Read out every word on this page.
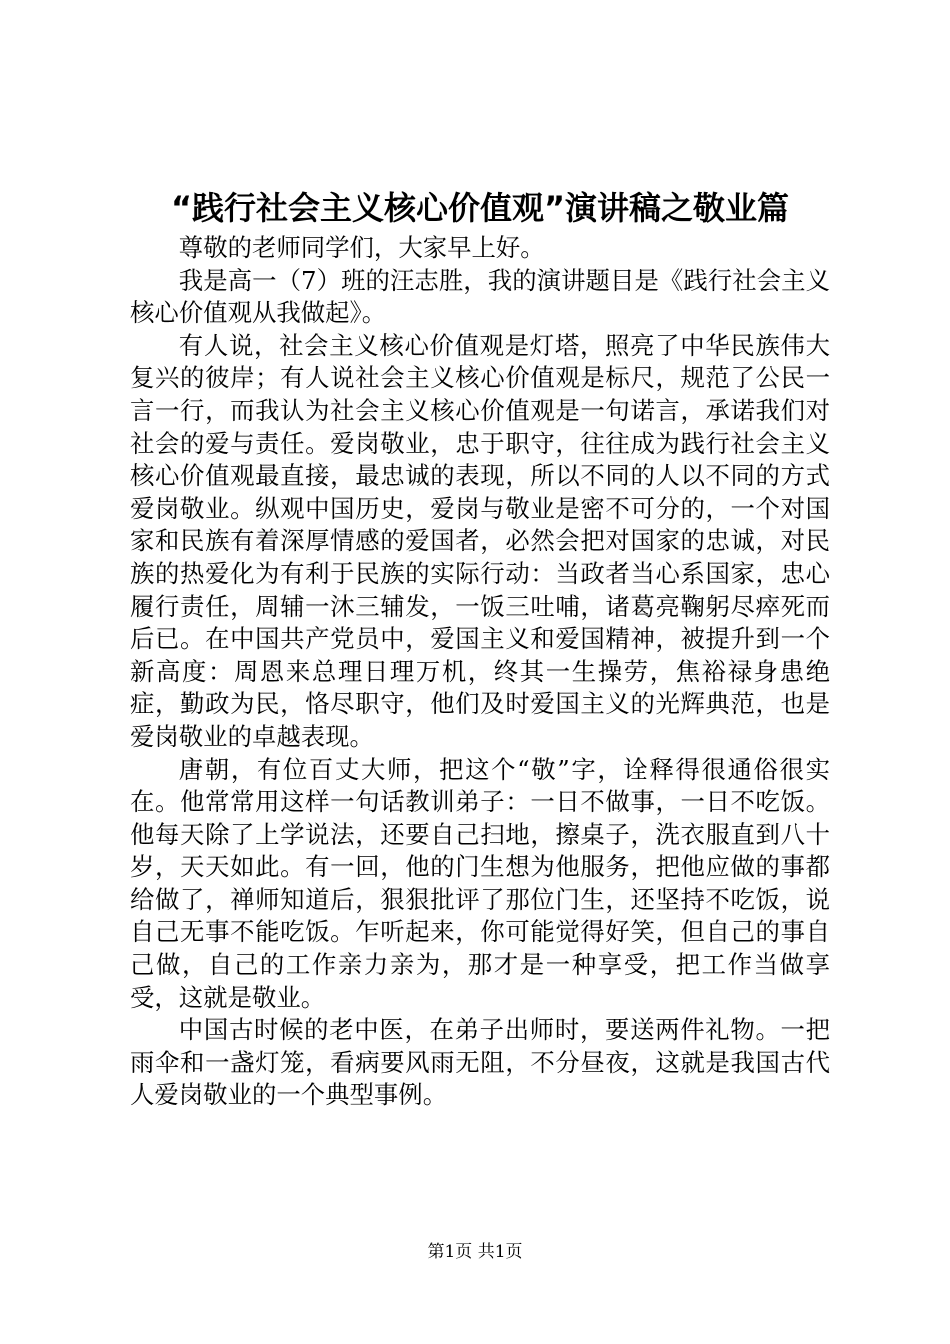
“践行社会主义核心价值观”演讲稿之敬业篇

尊敬的老师同学们，大家早上好。

我是高一（7）班的汪志胜，我的演讲题目是《践行社会主义核心价值观从我做起》。

有人说，社会主义核心价值观是灯塔，照亮了中华民族伟大复兴的彼岸；有人说社会主义核心价值观是标尺，规范了公民一言一行，而我认为社会主义核心价值观是一句诺言，承诺我们对社会的爱与责任。爱岗敬业，忠于职守，往往成为践行社会主义核心价值观最直接，最忠诚的表现，所以不同的人以不同的方式爱岗敬业。纵观中国历史，爱岗与敬业是密不可分的，一个对国家和民族有着深厚情感的爱国者，必然会把对国家的忠诚，对民族的热爱化为有利于民族的实际行动：当政者当心系国家，忠心履行责任，周辅一沐三辅发，一饭三吐哺，诸葛亮鞠躬尽瘁死而后已。在中国共产党员中，爱国主义和爱国精神，被提升到一个新高度：周恩来总理日理万机，终其一生操劳，焦裕禄身患绝症，勤政为民，恪尽职守，他们及时爱国主义的光辉典范，也是爱岗敬业的卓越表现。

唐朝，有位百丈大师，把这个“敬”字，诠释得很通俗很实在。他常常用这样一句话教训弟子：一日不做事，一日不吃饭。他每天除了上学说法，还要自己扫地，擦桌子，洗衣服直到八十岁，天天如此。有一回，他的门生想为他服务，把他应做的事都给做了，禅师知道后，狠狠批评了那位门生，还坚持不吃饭，说自己无事不能吃饭。乍听起来，你可能觉得好笑，但自己的事自己做，自己的工作亲力亲为，那才是一种享受，把工作当做享受，这就是敬业。

中国古时候的老中医，在弟子出师时，要送两件礼物。一把雨伞和一盏灯笼，看病要风雨无阻，不分昼夜，这就是我国古代人爱岗敬业的一个典型事例。

第1页 共1页
